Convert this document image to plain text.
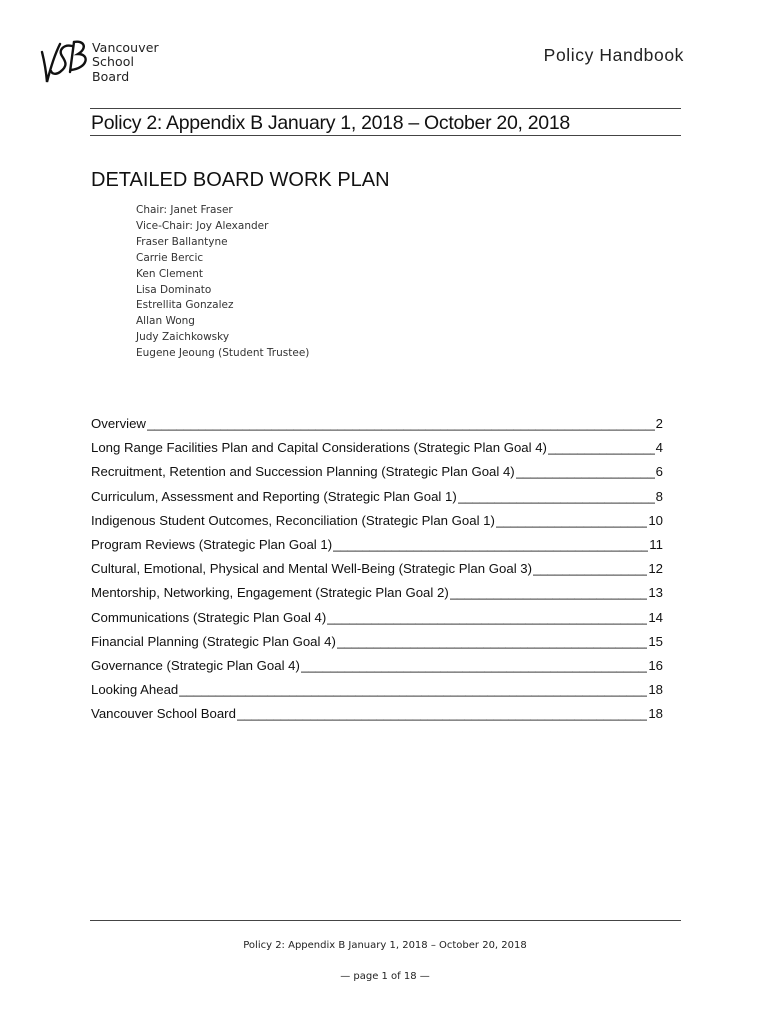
Vancouver
School Board
Policy Handbook
Policy 2: Appendix B January 1, 2018 – October 20, 2018
DETAILED BOARD WORK PLAN
Chair: Janet Fraser
Vice-Chair: Joy Alexander
Fraser Ballantyne
Carrie Bercic
Ken Clement
Lisa Dominato
Estrellita Gonzalez
Allan Wong
Judy Zaichkowsky
Eugene Jeoung (Student Trustee)
Overview _____	2
Long Range Facilities Plan and Capital Considerations (Strategic Plan Goal 4) _____	4
Recruitment, Retention and Succession Planning (Strategic Plan Goal 4) _____	6
Curriculum, Assessment and Reporting (Strategic Plan Goal 1) _____	8
Indigenous Student Outcomes, Reconciliation (Strategic Plan Goal 1) _____	10
Program Reviews (Strategic Plan Goal 1) _____	11
Cultural, Emotional, Physical and Mental Well-Being (Strategic Plan Goal 3) _____	12
Mentorship, Networking, Engagement (Strategic Plan Goal 2) _____	13
Communications (Strategic Plan Goal 4) _____	14
Financial Planning (Strategic Plan Goal 4) _____	15
Governance (Strategic Plan Goal 4) _____	16
Looking Ahead _____	18
Vancouver School Board _____	18
Policy 2: Appendix B January 1, 2018 – October 20, 2018
— page 1 of 18 —
